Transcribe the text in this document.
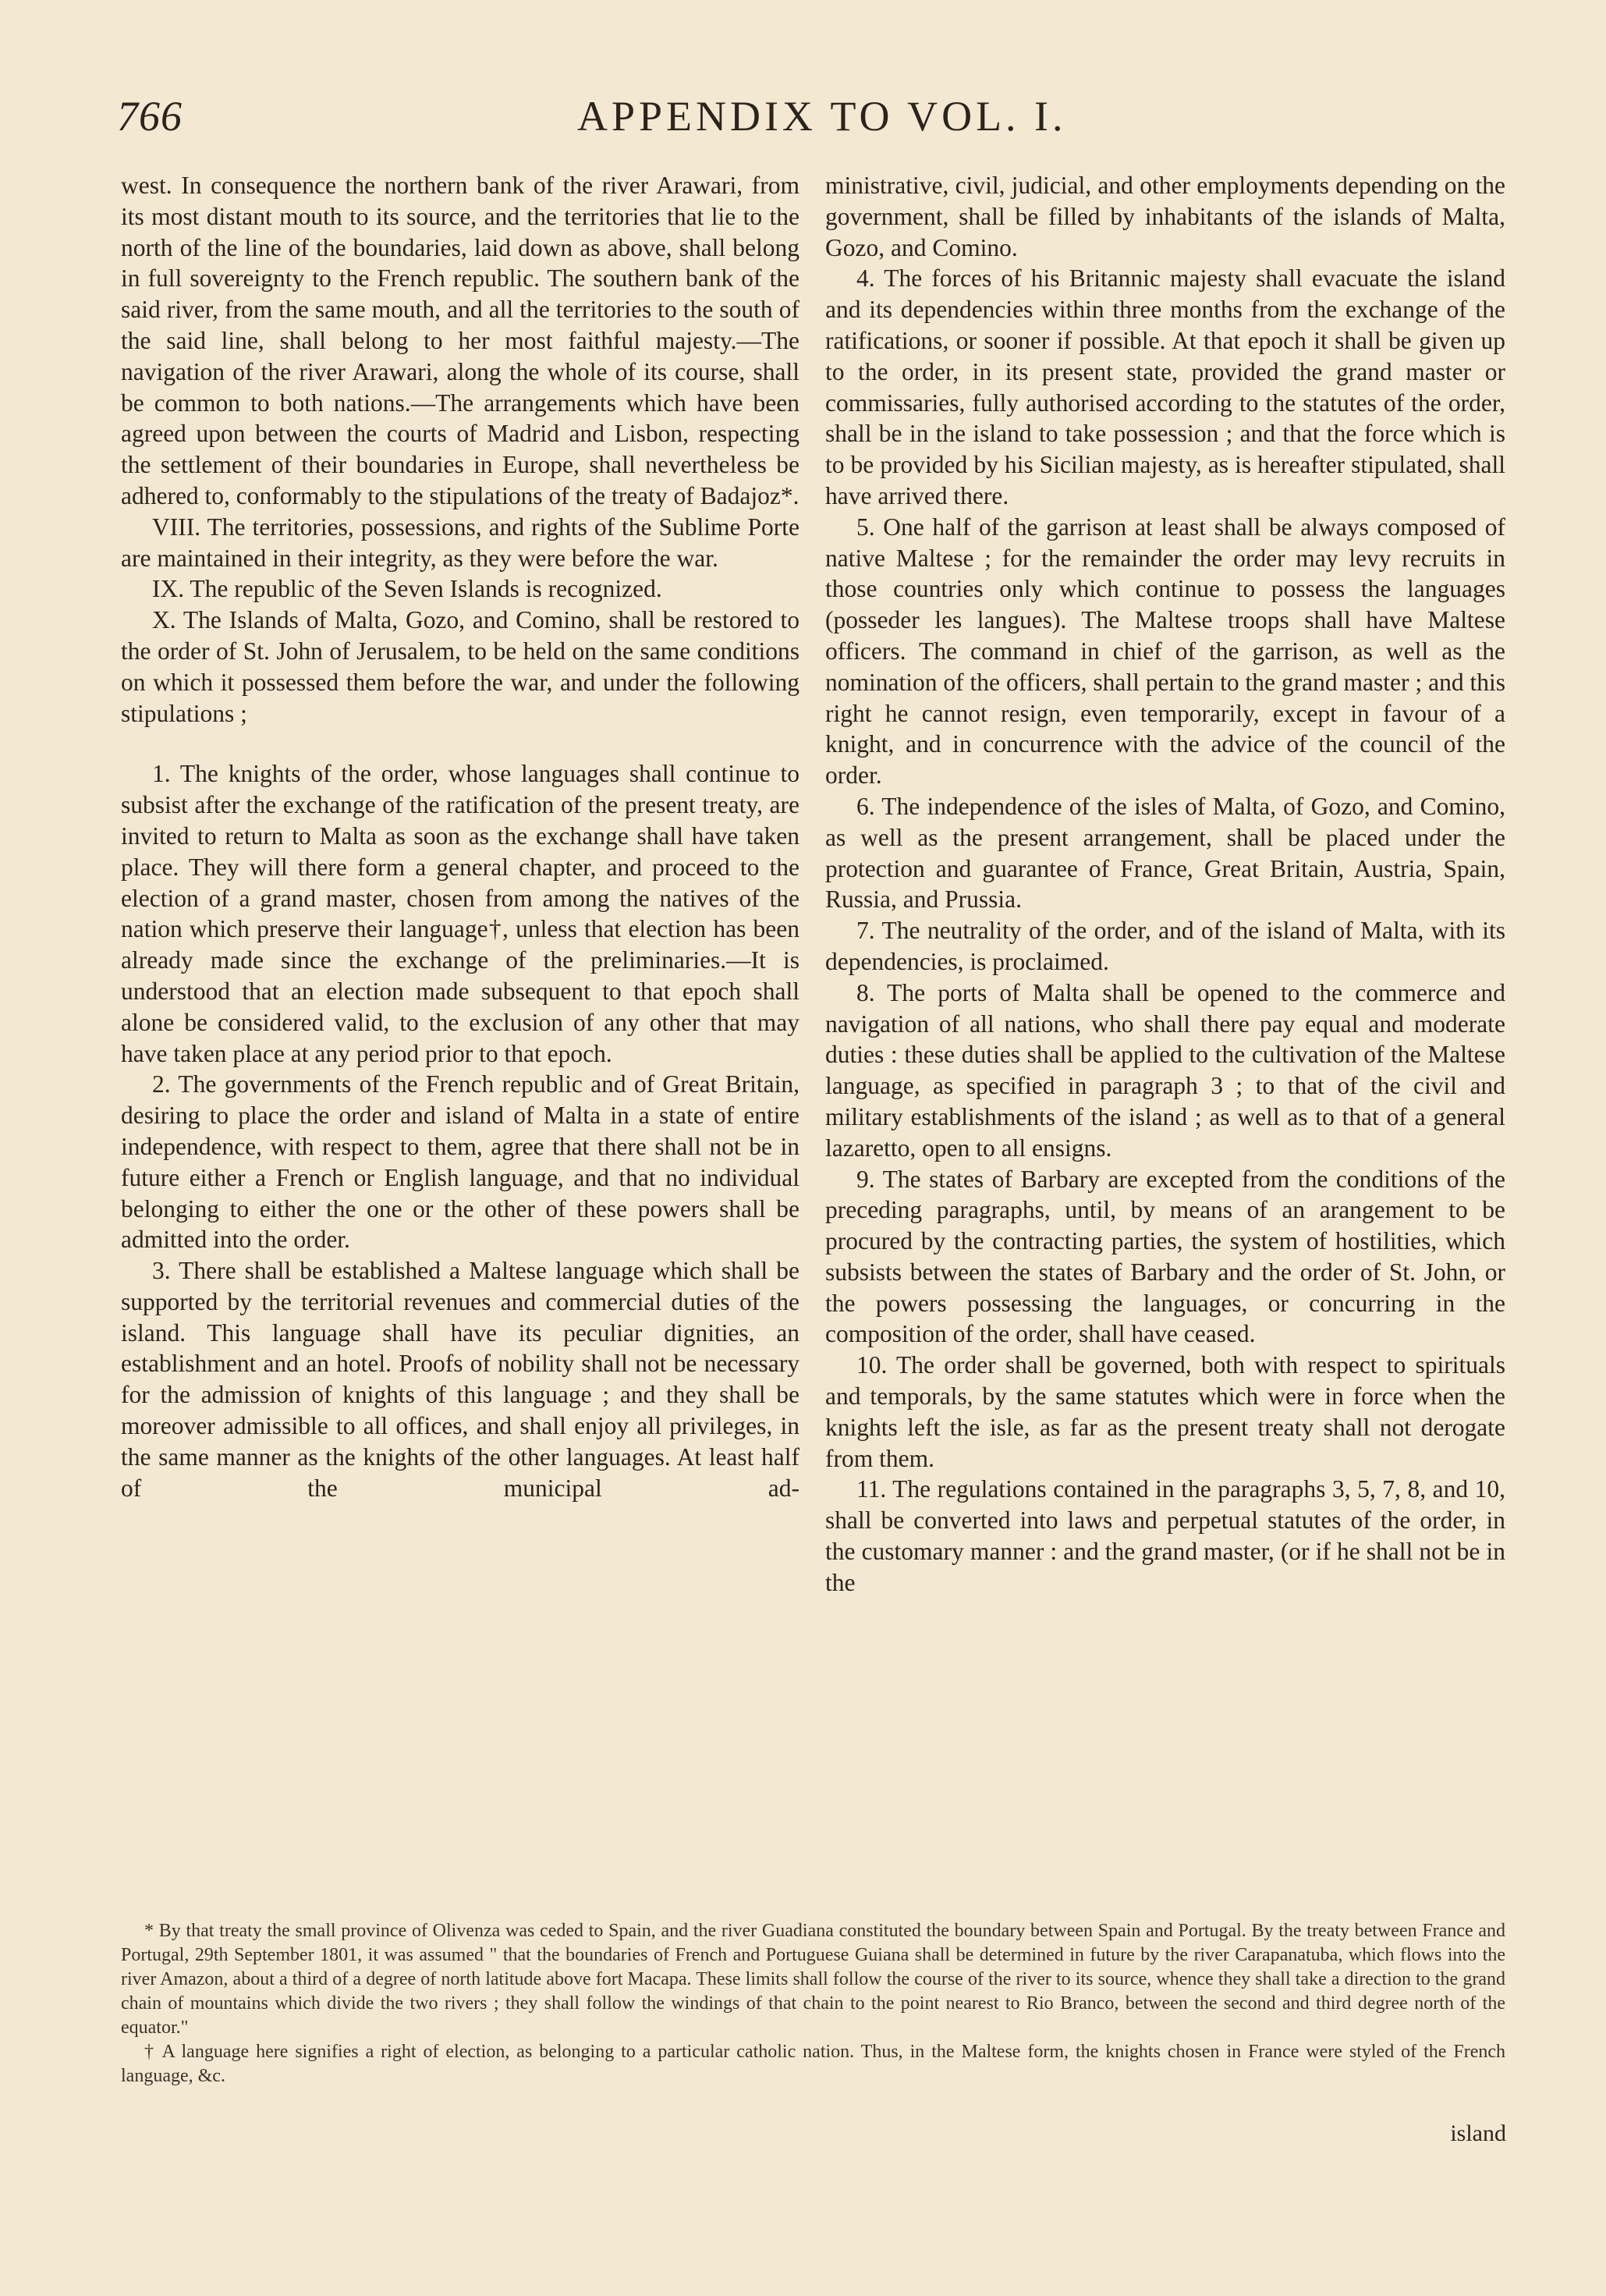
766	APPENDIX TO VOL. I.

west. In consequence the northern bank of the river Arawari, from its most distant mouth to its source, and the territories that lie to the north of the line of the boundaries, laid down as above, shall belong in full sovereignty to the French republic. The southern bank of the said river, from the same mouth, and all the territories to the south of the said line, shall belong to her most faithful majesty.—The navigation of the river Arawari, along the whole of its course, shall be common to both nations.—The arrangements which have been agreed upon between the courts of Madrid and Lisbon, respecting the settlement of their boundaries in Europe, shall nevertheless be adhered to, conformably to the stipulations of the treaty of Badajoz*.

VIII. The territories, possessions, and rights of the Sublime Porte are maintained in their integrity, as they were before the war.

IX. The republic of the Seven Islands is recognized.

X. The Islands of Malta, Gozo, and Comino, shall be restored to the order of St. John of Jerusalem, to be held on the same conditions on which it possessed them before the war, and under the following stipulations ;

1. The knights of the order, whose languages shall continue to subsist after the exchange of the ratification of the present treaty, are invited to return to Malta as soon as the exchange shall have taken place. They will there form a general chapter, and proceed to the election of a grand master, chosen from among the natives of the nation which preserve their language†, unless that election has been already made since the exchange of the preliminaries.—It is understood that an election made subsequent to that epoch shall alone be considered valid, to the exclusion of any other that may have taken place at any period prior to that epoch.

2. The governments of the French republic and of Great Britain, desiring to place the order and island of Malta in a state of entire independence, with respect to them, agree that there shall not be in future either a French or English language, and that no individual belonging to either the one or the other of these powers shall be admitted into the order.

3. There shall be established a Maltese language which shall be supported by the territorial revenues and commercial duties of the island. This language shall have its peculiar dignities, an establishment and an hotel. Proofs of nobility shall not be necessary for the admission of knights of this language ; and they shall be moreover admissible to all offices, and shall enjoy all privileges, in the same manner as the knights of the other languages. At least half of the municipal ad-

ministrative, civil, judicial, and other employments depending on the government, shall be filled by inhabitants of the islands of Malta, Gozo, and Comino.

4. The forces of his Britannic majesty shall evacuate the island and its dependencies within three months from the exchange of the ratifications, or sooner if possible. At that epoch it shall be given up to the order, in its present state, provided the grand master or commissaries, fully authorised according to the statutes of the order, shall be in the island to take possession ; and that the force which is to be provided by his Sicilian majesty, as is hereafter stipulated, shall have arrived there.

5. One half of the garrison at least shall be always composed of native Maltese ; for the remainder the order may levy recruits in those countries only which continue to possess the languages (posseder les langues). The Maltese troops shall have Maltese officers. The command in chief of the garrison, as well as the nomination of the officers, shall pertain to the grand master ; and this right he cannot resign, even temporarily, except in favour of a knight, and in concurrence with the advice of the council of the order.

6. The independence of the isles of Malta, of Gozo, and Comino, as well as the present arrangement, shall be placed under the protection and guarantee of France, Great Britain, Austria, Spain, Russia, and Prussia.

7. The neutrality of the order, and of the island of Malta, with its dependencies, is proclaimed.

8. The ports of Malta shall be opened to the commerce and navigation of all nations, who shall there pay equal and moderate duties : these duties shall be applied to the cultivation of the Maltese language, as specified in paragraph 3 ; to that of the civil and military establishments of the island ; as well as to that of a general lazaretto, open to all ensigns.

9. The states of Barbary are excepted from the conditions of the preceding paragraphs, until, by means of an arangement to be procured by the contracting parties, the system of hostilities, which subsists between the states of Barbary and the order of St. John, or the powers possessing the languages, or concurring in the composition of the order, shall have ceased.

10. The order shall be governed, both with respect to spirituals and temporals, by the same statutes which were in force when the knights left the isle, as far as the present treaty shall not derogate from them.

11. The regulations contained in the paragraphs 3, 5, 7, 8, and 10, shall be converted into laws and perpetual statutes of the order, in the customary manner : and the grand master, (or if he shall not be in the

* By that treaty the small province of Olivenza was ceded to Spain, and the river Guadiana constituted the boundary between Spain and Portugal. By the treaty between France and Portugal, 29th September 1801, it was assumed " that the boundaries of French and Portuguese Guiana shall be determined in future by the river Carapanatuba, which flows into the river Amazon, about a third of a degree of north latitude above fort Macapa. These limits shall follow the course of the river to its source, whence they shall take a direction to the grand chain of mountains which divide the two rivers ; they shall follow the windings of that chain to the point nearest to Rio Branco, between the second and third degree north of the equator."

† A language here signifies a right of election, as belonging to a particular catholic nation. Thus, in the Maltese form, the knights chosen in France were styled of the French language, &c.

island
